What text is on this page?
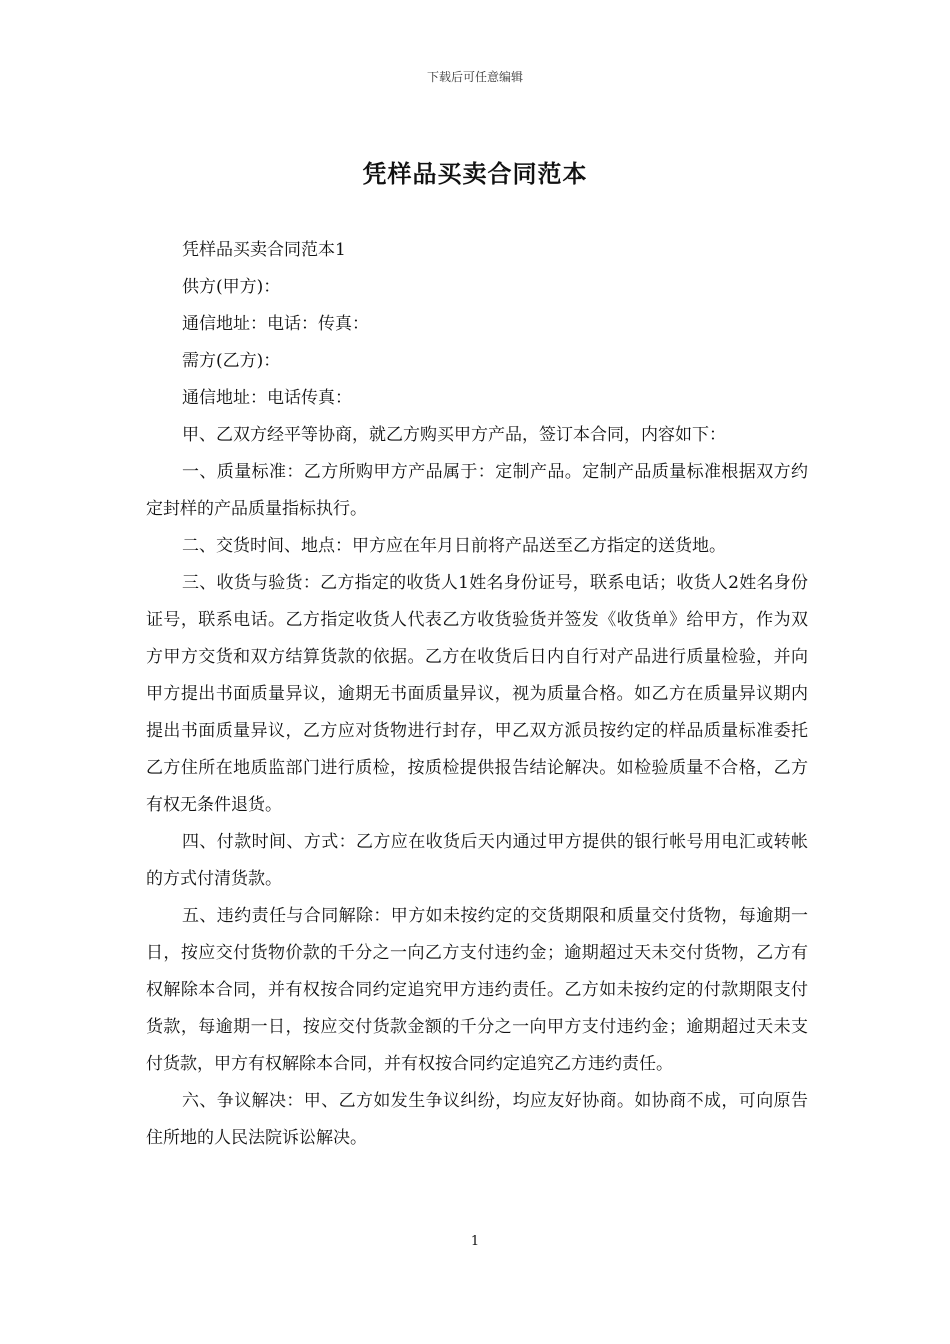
下载后可任意编辑
凭样品买卖合同范本

凭样品买卖合同范本1

供方(甲方)：

通信地址：电话：传真：

需方(乙方)：

通信地址：电话传真：

甲、乙双方经平等协商，就乙方购买甲方产品，签订本合同，内容如下：

一、质量标准：乙方所购甲方产品属于：定制产品。定制产品质量标准根据双方约定封样的产品质量指标执行。

二、交货时间、地点：甲方应在年月日前将产品送至乙方指定的送货地。

三、收货与验货：乙方指定的收货人1姓名身份证号，联系电话；收货人2姓名身份证号，联系电话。乙方指定收货人代表乙方收货验货并签发《收货单》给甲方，作为双方甲方交货和双方结算货款的依据。乙方在收货后日内自行对产品进行质量检验，并向甲方提出书面质量异议，逾期无书面质量异议，视为质量合格。如乙方在质量异议期内提出书面质量异议，乙方应对货物进行封存，甲乙双方派员按约定的样品质量标准委托乙方住所在地质监部门进行质检，按质检提供报告结论解决。如检验质量不合格，乙方有权无条件退货。

四、付款时间、方式：乙方应在收货后天内通过甲方提供的银行帐号用电汇或转帐的方式付清货款。

五、违约责任与合同解除：甲方如未按约定的交货期限和质量交付货物，每逾期一日，按应交付货物价款的千分之一向乙方支付违约金；逾期超过天未交付货物，乙方有权解除本合同，并有权按合同约定追究甲方违约责任。乙方如未按约定的付款期限支付货款，每逾期一日，按应交付货款金额的千分之一向甲方支付违约金；逾期超过天未支付货款，甲方有权解除本合同，并有权按合同约定追究乙方违约责任。

六、争议解决：甲、乙方如发生争议纠纷，均应友好协商。如协商不成，可向原告住所地的人民法院诉讼解决。

1
